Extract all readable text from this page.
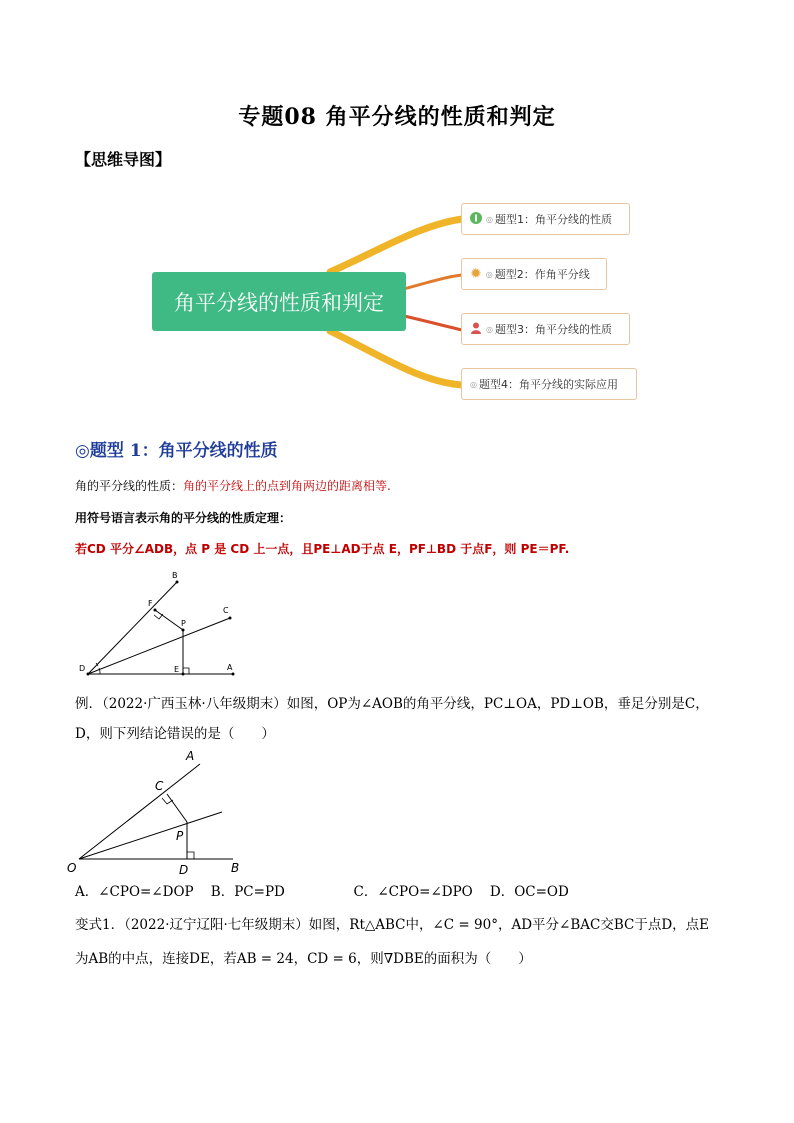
专题08 角平分线的性质和判定
【思维导图】
角平分线的性质和判定
◎ 题型1：角平分线的性质
✹ ◎ 题型2：作角平分线
◎ 题型3：角平分线的性质
◎ 题型4：角平分线的实际应用
◎题型 1：角平分线的性质
角的平分线的性质：角的平分线上的点到角两边的距离相等.
用符号语言表示角的平分线的性质定理：
若CD 平分∠ADB，点 P 是 CD 上一点，且PE⊥AD于点 E，PF⊥BD 于点F，则 PE＝PF.
B
F
C
P
D	E	A
例．（2022·广西玉林·八年级期末）如图，OP为∠AOB的角平分线，PC⊥OA，PD⊥OB，垂足分别是C，
D，则下列结论错误的是（　　）
A
C
P
O	D	B
A．∠CPO=∠DOP    B．PC=PD                C．∠CPO=∠DPO    D．OC=OD
变式1．（2022·辽宁辽阳·七年级期末）如图，Rt△ABC中，∠C = 90°，AD平分∠BAC交BC于点D，点E
为AB的中点，连接DE，若AB = 24，CD = 6，则∇DBE的面积为（　　）
